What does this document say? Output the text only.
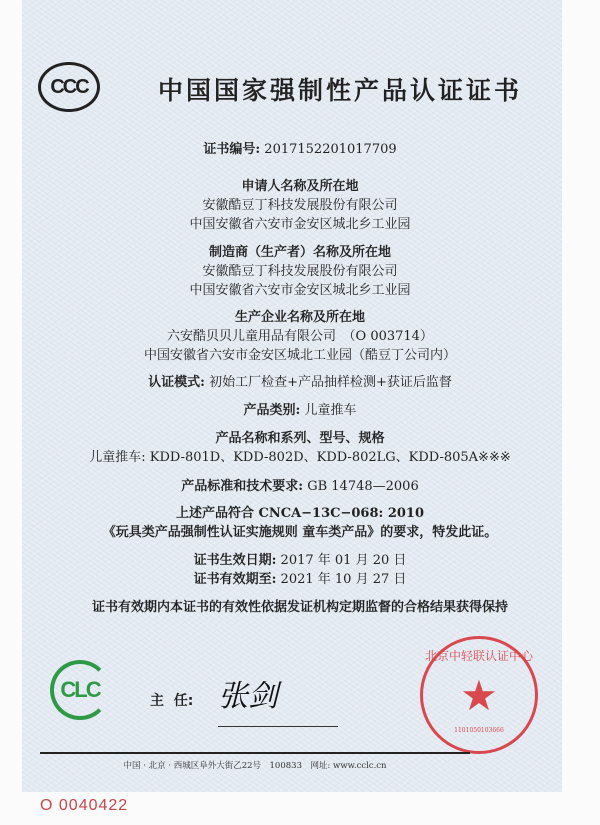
CCC	中国国家强制性产品认证证书
证书编号: 2017152201017709
申请人名称及所在地
安徽酷豆丁科技发展股份有限公司
中国安徽省六安市金安区城北乡工业园
制造商（生产者）名称及所在地
安徽酷豆丁科技发展股份有限公司
中国安徽省六安市金安区城北乡工业园
生产企业名称及所在地
六安酷贝贝儿童用品有限公司　（O 003714）
中国安徽省六安市金安区城北工业园（酷豆丁公司内）
认证模式: 初始工厂检查+产品抽样检测+获证后监督
产品类别: 儿童推车
产品名称和系列、型号、规格
儿童推车: KDD-801D、KDD-802D、KDD-802LG、KDD-805A※※※
产品标准和技术要求: GB 14748—2006
上述产品符合 CNCA−13C−068: 2010
《玩具类产品强制性认证实施规则 童车类产品》的要求，特发此证。
证书生效日期: 2017 年 01 月 20 日
证书有效期至: 2021 年 10 月 27 日
证书有效期内本证书的有效性依据发证机构定期监督的合格结果获得保持
CLC	主  任: 张剑
北京中轻联认证中心
★
1101050103666
中国 · 北京 · 西城区阜外大街乙22号　100833　网址: www.cclc.cn
O 0040422
